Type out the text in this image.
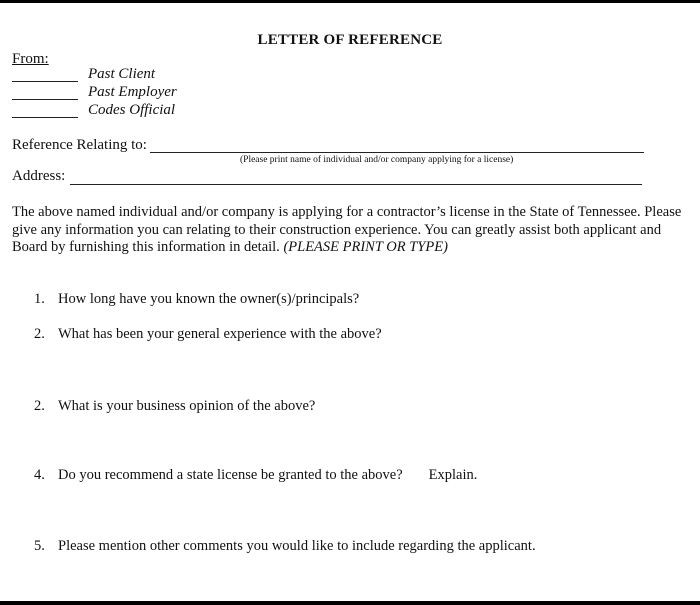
LETTER OF REFERENCE
From:
Past Client
Past Employer
Codes Official
Reference Relating to:
(Please print name of individual and/or company applying for a license)
Address:
The above named individual and/or company is applying for a contractor’s license in the State of Tennessee. Please give any information you can relating to their construction experience. You can greatly assist both applicant and Board by furnishing this information in detail. (PLEASE PRINT OR TYPE)
1. How long have you known the owner(s)/principals?
2. What has been your general experience with the above?
2. What is your business opinion of the above?
4. Do you recommend a state license be granted to the above? Explain.
5. Please mention other comments you would like to include regarding the applicant.
